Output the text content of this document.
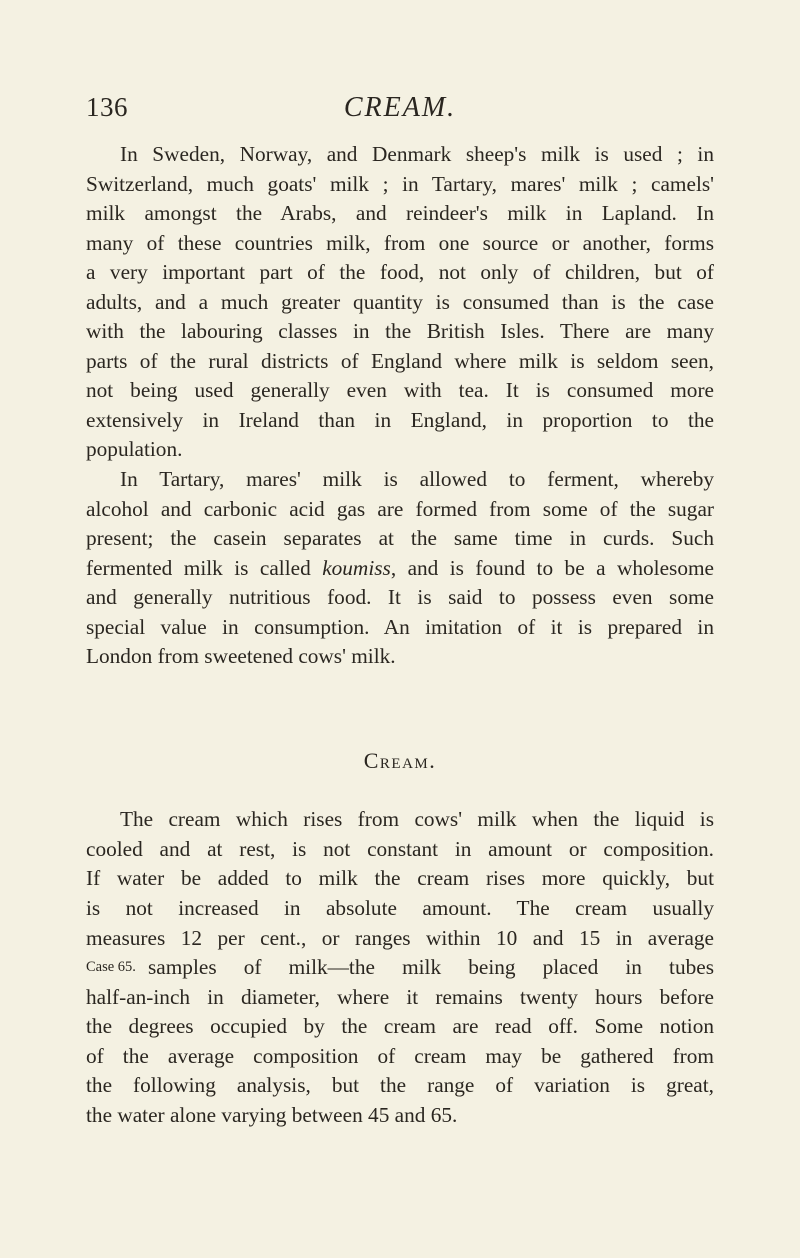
136	CREAM.
In Sweden, Norway, and Denmark sheep's milk is used ; in
Switzerland, much goats' milk ; in Tartary, mares' milk ; camels'
milk amongst the Arabs, and reindeer's milk in Lapland. In
many of these countries milk, from one source or another, forms
a very important part of the food, not only of children, but of
adults, and a much greater quantity is consumed than is the case
with the labouring classes in the British Isles. There are many
parts of the rural districts of England where milk is seldom seen,
not being used generally even with tea. It is consumed more
extensively in Ireland than in England, in proportion to the
population.
In Tartary, mares' milk is allowed to ferment, whereby
alcohol and carbonic acid gas are formed from some of the sugar
present; the casein separates at the same time in curds. Such
fermented milk is called koumiss, and is found to be a wholesome
and generally nutritious food. It is said to possess even some
special value in consumption. An imitation of it is prepared in
London from sweetened cows' milk.
Cream.
The cream which rises from cows' milk when the liquid is
cooled and at rest, is not constant in amount or composition.
If water be added to milk the cream rises more quickly, but
is not increased in absolute amount. The cream usually
measures 12 per cent., or ranges within 10 and 15 in average
Case 65. samples of milk—the milk being placed in tubes
half-an-inch in diameter, where it remains twenty hours before
the degrees occupied by the cream are read off. Some notion
of the average composition of cream may be gathered from
the following analysis, but the range of variation is great,
the water alone varying between 45 and 65.
